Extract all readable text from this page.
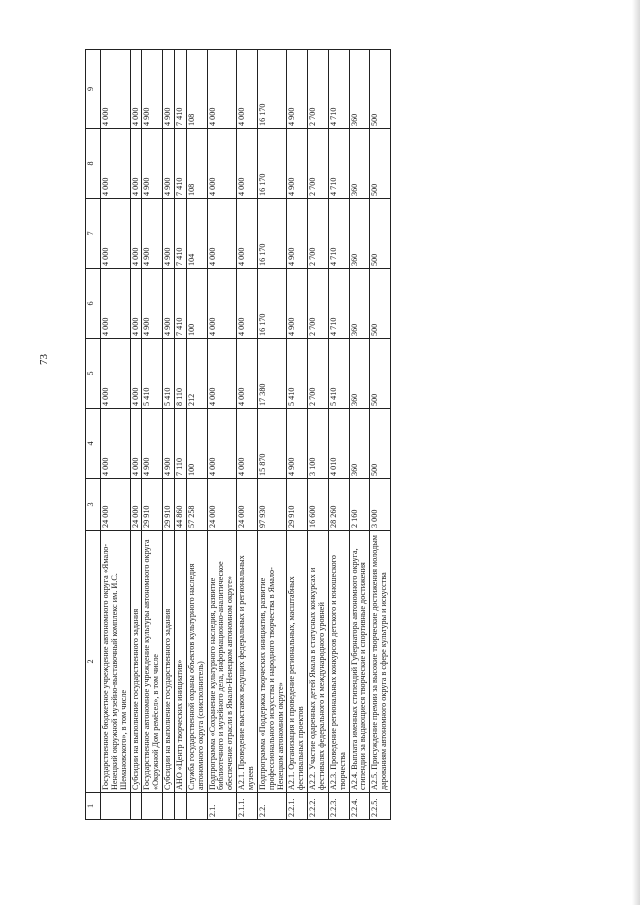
73
1	2	3	4	5	6	7	8	9
	Государственное бюджетное учреждение автономного округа «Ямало-Ненецкий окружной музейно-выставочный комплекс им. И.С. Шемановского», в том числе	24 000	4 000	4 000	4 000	4 000	4 000	4 000
	Субсидии на выполнение государственного задания	24 000	4 000	4 000	4 000	4 000	4 000	4 000
	Государственное автономное учреждение культуры автономного округа «Окружной Дом ремёсел», в том числе	29 910	4 900	5 410	4 900	4 900	4 900	4 900
	Субсидии на выполнение государственного задания	29 910	4 900	5 410	4 900	4 900	4 900	4 900
	АНО «Центр творческих инициатив»	44 860	7 110	8 110	7 410	7 410	7 410	7 410
	Служба государственной охраны объектов культурного наследия автономного округа (соисполнитель)	57 258	100	212	100	104	108	108
2.1.	Подпрограмма «Сохранение культурного наследия, развитие библиотечного и музейного дела, информационно-аналитическое обеспечение отрасли в Ямало-Ненецком автономном округе»	24 000	4 000	4 000	4 000	4 000	4 000	4 000
2.1.1.	А2.1. Проведение выставок ведущих федеральных и региональных музеев	24 000	4 000	4 000	4 000	4 000	4 000	4 000
2.2.	Подпрограмма «Поддержка творческих инициатив, развитие профессионального искусства и народного творчества в Ямало-Ненецком автономном округе»	97 930	15 870	17 380	16 170	16 170	16 170	16 170
2.2.1.	А2.1. Организация и проведение региональных, масштабных фестивальных проектов	29 910	4 900	5 410	4 900	4 900	4 900	4 900
2.2.2.	А2.2. Участие одаренных детей Ямала в статусных конкурсах и фестивалях федерального и международного уровней	16 600	3 100	2 700	2 700	2 700	2 700	2 700
2.2.3.	А2.3. Проведение региональных конкурсов детского и юношеского творчества	28 260	4 010	5 410	4 710	4 710	4 710	4 710
2.2.4.	А2.4. Выплата именных стипендий Губернатора автономного округа, стипендии за выдающиеся творческие и спортивные достижения	2 160	360	360	360	360	360	360
2.2.5.	А2.5. Присуждение премии за высокие творческие достижения молодым дарованиям автономного округа в сфере культуры и искусства	3 000	500	500	500	500	500	500
